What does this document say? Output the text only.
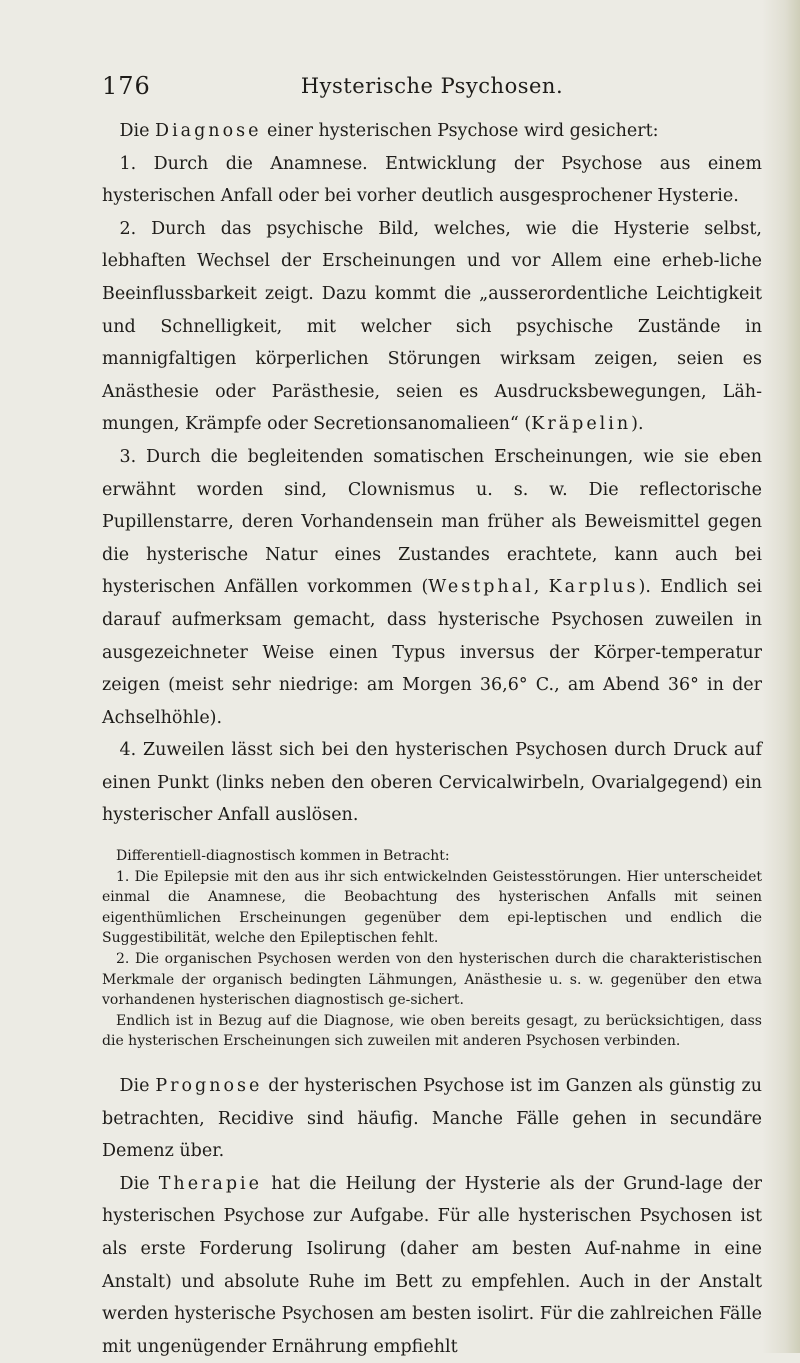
176	Hysterische Psychosen.

 Die Diagnose einer hysterischen Psychose wird gesichert:

 1. Durch die Anamnese. Entwicklung der Psychose aus einem hysterischen Anfall oder bei vorher deutlich ausgesprochener Hysterie.

 2. Durch das psychische Bild, welches, wie die Hysterie selbst, lebhaften Wechsel der Erscheinungen und vor Allem eine erheb-liche Beeinflussbarkeit zeigt. Dazu kommt die „ausserordentliche Leichtigkeit und Schnelligkeit, mit welcher sich psychische Zustände in mannigfaltigen körperlichen Störungen wirksam zeigen, seien es Anästhesie oder Parästhesie, seien es Ausdrucksbewegungen, Läh-mungen, Krämpfe oder Secretionsanomalieen“ (Kräpelin).

 3. Durch die begleitenden somatischen Erscheinungen, wie sie eben erwähnt worden sind, Clownismus u. s. w. Die reflectorische Pupillenstarre, deren Vorhandensein man früher als Beweismittel gegen die hysterische Natur eines Zustandes erachtete, kann auch bei hysterischen Anfällen vorkommen (Westphal, Karplus). Endlich sei darauf aufmerksam gemacht, dass hysterische Psychosen zuweilen in ausgezeichneter Weise einen Typus inversus der Körper-temperatur zeigen (meist sehr niedrige: am Morgen 36,6° C., am Abend 36° in der Achselhöhle).

 4. Zuweilen lässt sich bei den hysterischen Psychosen durch Druck auf einen Punkt (links neben den oberen Cervicalwirbeln, Ovarialgegend) ein hysterischer Anfall auslösen.

 Differentiell-diagnostisch kommen in Betracht:

 1. Die Epilepsie mit den aus ihr sich entwickelnden Geistesstörungen. Hier unterscheidet einmal die Anamnese, die Beobachtung des hysterischen Anfalls mit seinen eigenthümlichen Erscheinungen gegenüber dem epi-leptischen und endlich die Suggestibilität, welche den Epileptischen fehlt.

 2. Die organischen Psychosen werden von den hysterischen durch die charakteristischen Merkmale der organisch bedingten Lähmungen, Anästhesie u. s. w. gegenüber den etwa vorhandenen hysterischen diagnostisch ge-sichert.

 Endlich ist in Bezug auf die Diagnose, wie oben bereits gesagt, zu berücksichtigen, dass die hysterischen Erscheinungen sich zuweilen mit anderen Psychosen verbinden.

 Die Prognose der hysterischen Psychose ist im Ganzen als günstig zu betrachten, Recidive sind häufig. Manche Fälle gehen in secundäre Demenz über.

 Die Therapie hat die Heilung der Hysterie als der Grund-lage der hysterischen Psychose zur Aufgabe. Für alle hysterischen Psychosen ist als erste Forderung Isolirung (daher am besten Auf-nahme in eine Anstalt) und absolute Ruhe im Bett zu empfehlen. Auch in der Anstalt werden hysterische Psychosen am besten isolirt. Für die zahlreichen Fälle mit ungenügender Ernährung empfiehlt
